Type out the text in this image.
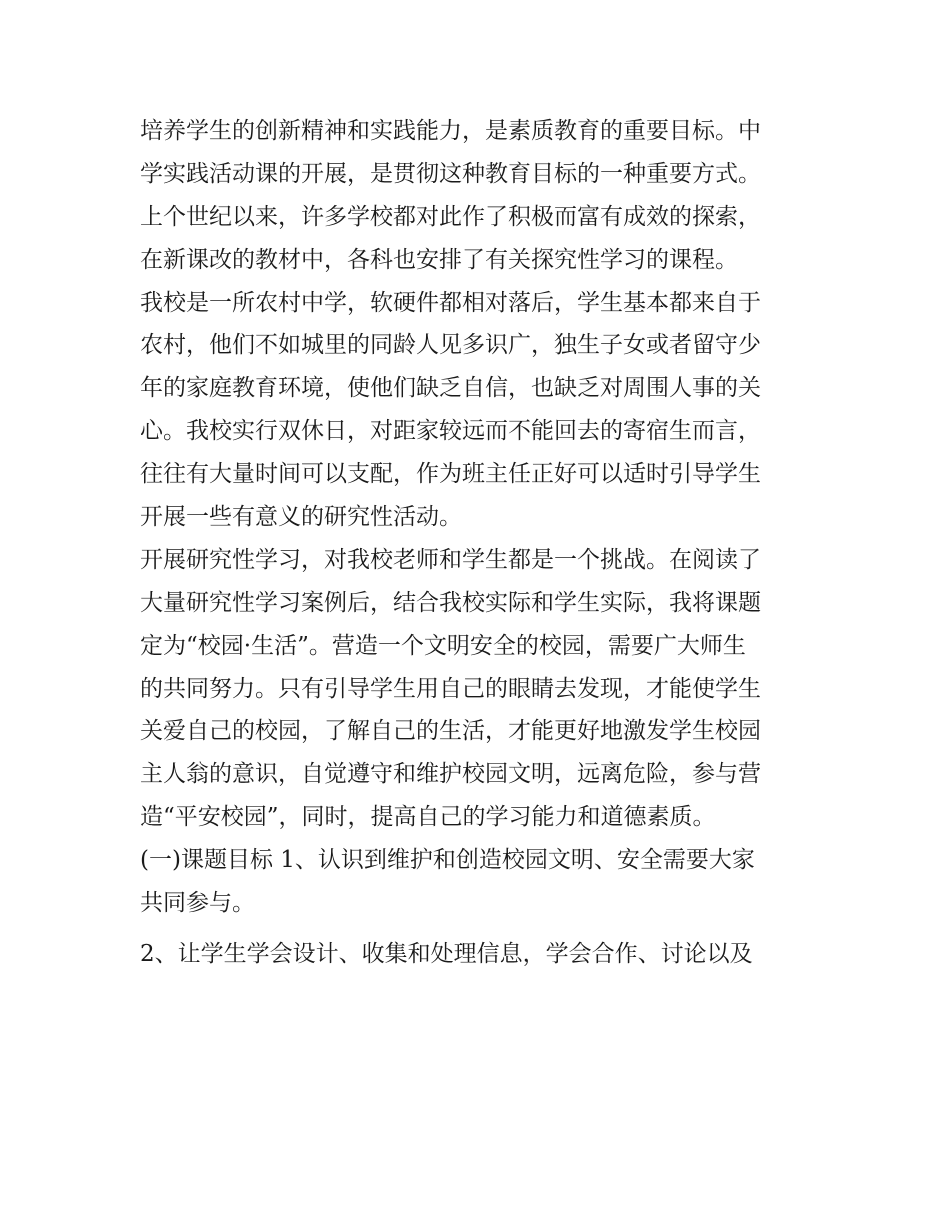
培养学生的创新精神和实践能力，是素质教育的重要目标。中
学实践活动课的开展，是贯彻这种教育目标的一种重要方式。
上个世纪以来，许多学校都对此作了积极而富有成效的探索，
在新课改的教材中，各科也安排了有关探究性学习的课程。
我校是一所农村中学，软硬件都相对落后，学生基本都来自于
农村，他们不如城里的同龄人见多识广，独生子女或者留守少
年的家庭教育环境，使他们缺乏自信，也缺乏对周围人事的关
心。我校实行双休日，对距家较远而不能回去的寄宿生而言，
往往有大量时间可以支配，作为班主任正好可以适时引导学生
开展一些有意义的研究性活动。
开展研究性学习，对我校老师和学生都是一个挑战。在阅读了
大量研究性学习案例后，结合我校实际和学生实际，我将课题
定为“校园·生活”。营造一个文明安全的校园，需要广大师生
的共同努力。只有引导学生用自己的眼睛去发现，才能使学生
关爱自己的校园，了解自己的生活，才能更好地激发学生校园
主人翁的意识，自觉遵守和维护校园文明，远离危险，参与营
造“平安校园”，同时，提高自己的学习能力和道德素质。
(一)课题目标 1、认识到维护和创造校园文明、安全需要大家
共同参与。
2、让学生学会设计、收集和处理信息，学会合作、讨论以及
